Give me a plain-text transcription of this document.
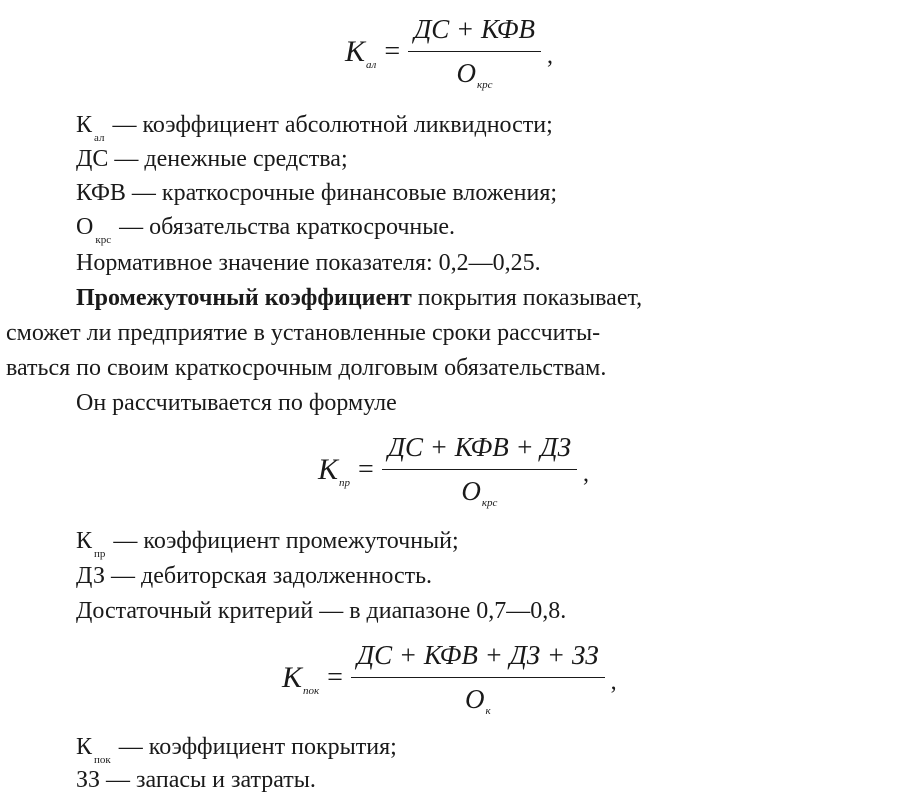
K ал = $\frac{\text{ДС + КФВ}}{\text{О крс}}$ ,
К $_{ал}$ — коэффициент абсолютной ликвидности;
ДС — денежные средства;
КФВ — краткосрочные финансовые вложения;
О $_{крс}$ — обязательства краткосрочные.
Нормативное значение показателя: 0,2—0,25.
Промежуточный коэффициент покрытия показывает,
сможет ли предприятие в установленные сроки рассчиты-
ваться по своим краткосрочным долговым обязательствам.
Он рассчитывается по формуле
K пр = $\frac{\text{ДС + КФВ + ДЗ}}{\text{О крс}}$ ,
К $_{пр}$ — коэффициент промежуточный;
ДЗ — дебиторская задолженность.
Достаточный критерий — в диапазоне 0,7—0,8.
K пок = $\frac{\text{ДС + КФВ + ДЗ + ЗЗ}}{\text{О к}}$ ,
К $_{пок}$ — коэффициент покрытия;
ЗЗ — запасы и затраты.
